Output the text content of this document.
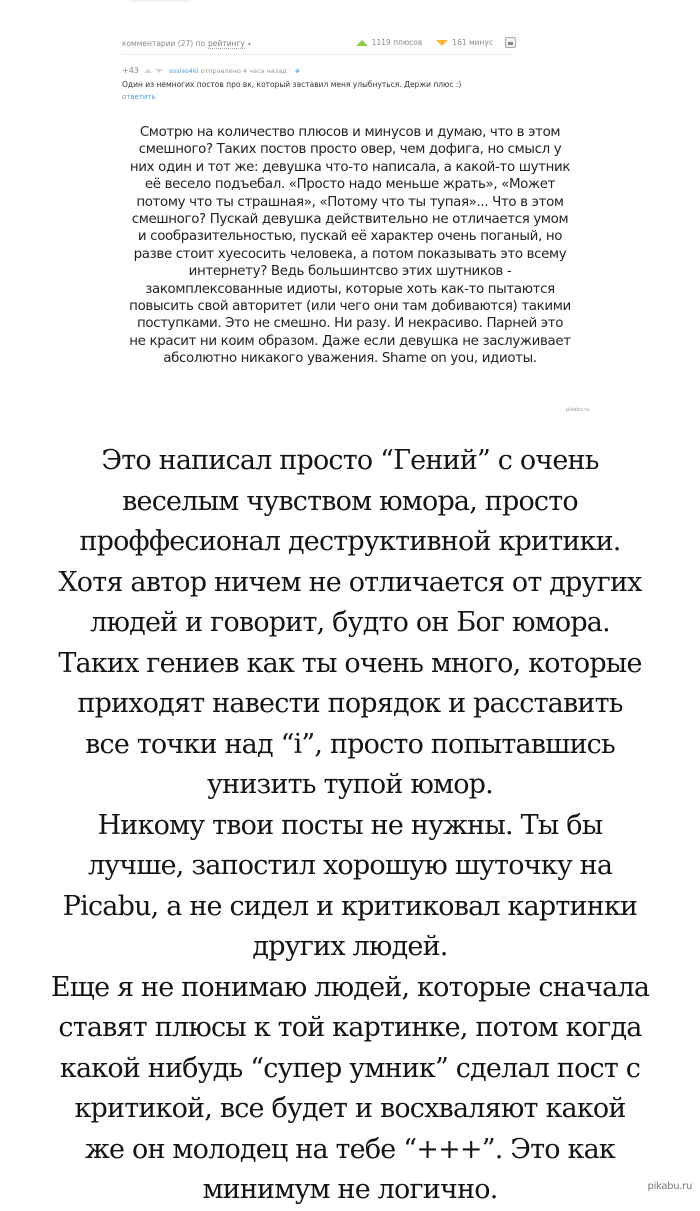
комментарии (27) по рейтингу ▾	1119 плюсов	161 минус
+43	sosiso4ki отправлено 4 часа назад #
Один из немногих постов про вк, который заставил меня улыбнуться. Держи плюс :)
ответить
Смотрю на количество плюсов и минусов и думаю, что в этом
смешного? Таких постов просто овер, чем дофига, но смысл у
них один и тот же: девушка что-то написала, а какой-то шутник
её весело подъебал. «Просто надо меньше жрать», «Может
потому что ты страшная», «Потому что ты тупая»... Что в этом
смешного? Пускай девушка действительно не отличается умом
и сообразительностью, пускай её характер очень поганый, но
разве стоит хуесосить человека, а потом показывать это всему
интернету? Ведь большинтсво этих шутников -
закомплексованные идиоты, которые хоть как-то пытаются
повысить свой авторитет (или чего они там добиваются) такими
поступками. Это не смешно. Ни разу. И некрасиво. Парней это
не красит ни коим образом. Даже если девушка не заслуживает
абсолютно никакого уважения. Shame on you, идиоты.
pikabu.ru
Это написал просто “Гений” с очень
веселым чувством юмора, просто
проффесионал деструктивной критики.
Хотя автор ничем не отличается от других
людей и говорит, будто он Бог юмора.
Таких гениев как ты очень много, которые
приходят навести порядок и расставить
все точки над “i”, просто попытавшись
унизить тупой юмор.
Никому твои посты не нужны. Ты бы
лучше, запостил хорошую шуточку на
Picabu, а не сидел и критиковал картинки
других людей.
Еще я не понимаю людей, которые сначала
ставят плюсы к той картинке, потом когда
какой нибудь “супер умник” сделал пост с
критикой, все будет и восхваляют какой
же он молодец на тебе “+++”. Это как
минимум не логично.	pikabu.ru
